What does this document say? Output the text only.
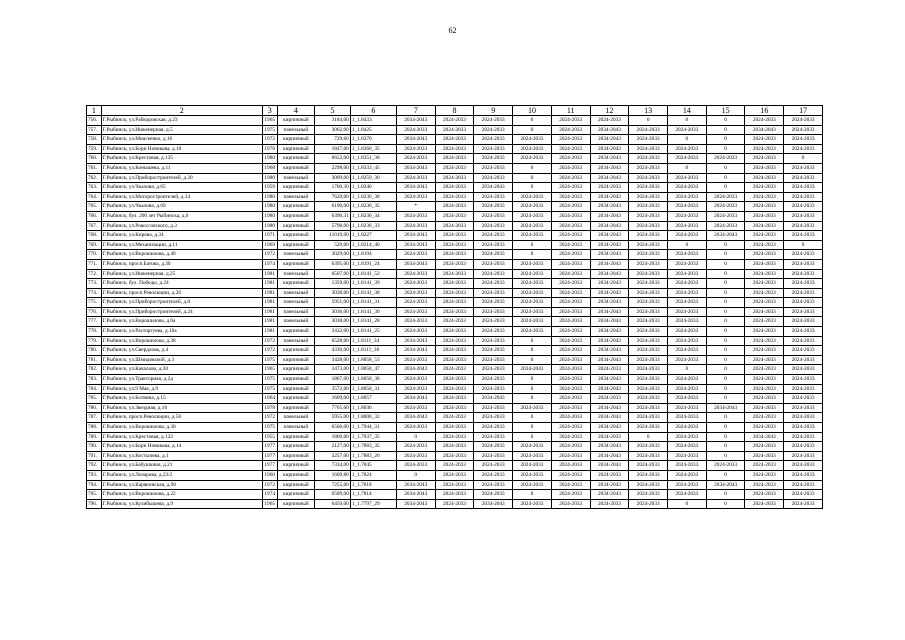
62
1	2	3	4	5	6	7	8	9	10	11	12	13	14	15	16	17
756.	Г.Рыбинск, ул.Рабкоровская, д.23	1965	кирпичный	3184,00	1_1.8433	2034-2043	2024-2033	2024-2033	0	2024-2033	2024-2033	0	0	0	2024-2033	2024-2033
757.	Г.Рыбинск, ул.Инженерная, д.5	1975	панельный	3062,00	1_1.8425	2024-2033	2024-2033	2024-2033	0	2024-2033	2034-2043	2024-2033	2024-2033	0	2034-2043	2024-2033
758.	Г.Рыбинск, ул.Моисеенко, д.16	1972	кирпичный	729,60	1_1.8370	2034-2043	2024-2033	2024-2033	2024-2033	2024-2033	2034-2043	2024-2033	0	0	2024-2033	2024-2033
759.	Г.Рыбинск, ул.Бори Новикова, д.10	1976	кирпичный	1847,00	1_1.8366_35	2024-2033	2024-2033	2024-2033	2024-2033	2024-2033	2034-2043	2024-2033	2024-2033	0	2024-2033	2024-2033
760.	Г.Рыбинск, ул.Крестовая, д.135	1980	кирпичный	6652,00	1_1.8351_38	2024-2033	2024-2033	2024-2033	2024-2033	2024-2033	2034-2043	2024-2033	2024-2033	2024-2033	2024-2033	0
761.	Г.Рыбинск, ул.Конышева, д.11	1968	кирпичный	2298,00	1_1.8333_45	2034-2043	2024-2033	2024-2033	0	2024-2033	2034-2043	2024-2033	0	0	2024-2033	2024-2033
762.	Г.Рыбинск, ул.Приборостроителей, д.20	1980	панельный	3009,00	1_1.8259_30	2024-2033	2024-2033	2024-2033	0	2024-2033	2034-2043	2024-2033	2024-2033	0	2024-2033	2024-2033
763.	Г.Рыбинск, ул.Чкалова, д.65	1959	кирпичный	1760,30	1_1.8240	2034-2043	2024-2033	2034-2043	0	2024-2033	2024-2033	2024-2033	2024-2033	0	2024-2033	2024-2033
764.	Г.Рыбинск, ул.Моторостроителей, д.14	1980	панельный	7620,00	1_1.8236_38	2024-2033	2024-2033	2024-2033	2024-2033	2024-2033	2034-2043	2024-2033	2024-2033	2024-2033	2024-2033	2024-2033
765.	Г.Рыбинск, ул.Чкалова, д.69	1980	кирпичный	6190,00	1_1.8236_35	*	2024-2033	2024-2033	2024-2033	2024-2033	2034-2043	2024-2033	2024-2033	2024-2033	2024-2033	2024-2033
766.	Г.Рыбинск, бул. 200 лет Рыбинска, д.6	1980	кирпичный	6390,31	1_1.8236_34	2024-2033	2024-2033	2024-2033	2024-2033	2024-2033	2034-2043	2024-2033	2024-2033	2024-2033	2024-2033	2024-2033
767.	Г.Рыбинск, ул.Рокоссовского, д.3	1980	кирпичный	5798,00	1_1.8236_33	2024-2033	2024-2033	2024-2033	2024-2033	2024-2033	2034-2043	2024-2033	2024-2033	2024-2033	2024-2033	2024-2033
768.	Г.Рыбинск, ул.Кирова, д.34	1971	кирпичный	11019,00	1_1.8227	2034-2043	2024-2033	2024-2033	2024-2033	2024-2033	2034-2043	2024-2033	2024-2033	2034-2043	2024-2033	2024-2033
769.	Г.Рыбинск, ул.Механизации, д.11	1969	кирпичный	529,00	1_1.8214_40	2034-2043	2024-2033	2024-2033	0	2024-2033	2034-2043	2024-2033	0	0	2024-2033	0
770.	Г.Рыбинск, ул.Ворошилова, д.40	1972	панельный	3029,00	1_1.8194	2024-2033	2024-2033	2024-2033	0	2024-2033	2034-2043	2024-2033	2024-2033	0	2024-2033	2024-2033
771.	Г.Рыбинск, просп.Батова, д.30	1974	кирпичный	6395,00	1_1.8191_24	2034-2043	2024-2033	2024-2033	2024-2033	2024-2033	2034-2043	2024-2033	2024-2033	0	2024-2033	2024-2033
772.	Г.Рыбинск, ул.Инженерная, д.25	1981	панельный	6507,00	1_1.8141_52	2024-2033	2024-2033	2024-2033	2024-2033	2024-2033	2034-2043	2024-2033	2024-2033	0	2024-2033	2024-2033
773.	Г.Рыбинск, бул. Победы, д.24	1981	кирпичный	1359,00	1_1.8141_39	2024-2033	2024-2033	2024-2033	2024-2033	2024-2033	2034-2043	2024-2033	2024-2033	0	2024-2033	2024-2033
774.	Г.Рыбинск, просп.Революции, д.26	1981	панельный	3038,00	1_1.8141_38	2024-2033	2024-2033	2024-2033	2024-2033	2024-2033	2034-2043	2024-2033	2024-2033	0	2024-2033	2024-2033
775.	Г.Рыбинск, ул.Приборостроителей, д.8	1981	панельный	5951,00	1_1.8141_31	2024-2033	2024-2033	2024-2033	2024-2033	2024-2033	2034-2043	2024-2033	2024-2033	0	2024-2033	2024-2033
776.	Г.Рыбинск, ул.Приборостроителей, д.24	1981	панельный	3036,00	1_1.8141_30	2024-2033	2024-2033	2024-2033	2024-2033	2024-2033	2034-2043	2024-2033	2024-2033	0	2024-2033	2024-2033
777.	Г.Рыбинск, ул.Ворошилова, д.6а	1981	панельный	3038,00	1_1.8141_28	2024-2033	2024-2033	2024-2033	2024-2033	2024-2033	2034-2043	2024-2033	2024-2033	0	2024-2033	2024-2033
778.	Г.Рыбинск, ул.Расторгуева, д.10а	1981	кирпичный	3432,00	1_1.8141_25	2024-2033	2024-2033	2024-2033	2024-2033	2024-2033	2034-2043	2024-2033	2024-2033	0	2024-2033	2024-2033
779.	Г.Рыбинск, ул.Ворошилова, д.38	1972	панельный	6528,00	1_1.8111_34	2034-2043	2024-2033	2024-2033	0	2024-2033	2034-2043	2024-2033	2024-2033	0	2024-2033	2024-2033
780.	Г.Рыбинск, ул.Свердлова, д.4	1972	кирпичный	4330,00	1_1.8111_30	2034-2043	2024-2033	2024-2033	0	2024-2033	2034-2043	2024-2033	2024-2033	0	2024-2033	2024-2033
781.	Г.Рыбинск, ул.Шмидовской, д.3	1975	кирпичный	3428,00	1_1.8058_53	2024-2033	2024-2033	2024-2033	0	2024-2033	2034-2043	2024-2033	2024-2033	0	2024-2033	2024-2033
782.	Г.Рыбинск, ул.Качалова, д.30	1965	кирпичный	3473,00	1_1.8058_47	2034-2043	2024-2033	2024-2033	2034-2043	2024-2033	2024-2033	2024-2033	0	0	2024-2033	2024-2033
783.	Г.Рыбинск, ул.Тракторная, д.2д	1975	кирпичный	1867,00	1_1.8058_38	2024-2033	2024-2033	2024-2033	0	2024-2033	2034-2043	2024-2033	2024-2033	0	2024-2033	2024-2033
784.	Г.Рыбинск, ул.9 Мая, д.9	1975	кирпичный	3572,00	1_1.8058_31	2024-2033	2024-2033	2024-2033	0	2024-2033	2034-2043	2024-2033	2024-2033	0	2024-2033	2024-2033
785.	Г.Рыбинск, ул.Ботвина, д.15	1964	кирпичный	1609,00	1_1.8057	2034-2043	2024-2033	2034-2043	0	2024-2033	2024-2033	2024-2033	2024-2033	0	2024-2033	2024-2033
786.	Г.Рыбинск, ул.Звездная, д.10	1978	кирпичный	7765,60	1_1.8036	2024-2033	2024-2033	2024-2033	2024-2033	2024-2033	2034-2043	2024-2033	2024-2033	2034-2043	2024-2033	2024-2033
787.	Г.Рыбинск, просп.Революции, д.58	1972	панельный	5955,00	1_1.8000_32	2034-2043	2024-2033	2024-2033	0	2024-2033	2034-2043	2024-2033	2024-2033	0	2024-2033	2024-2033
788.	Г.Рыбинск, ул.Ворошилова, д.30	1975	панельный	6566,00	1_1.7944_31	2024-2033	2024-2033	2024-2033	0	2024-2033	2034-2043	2024-2033	2024-2033	0	2024-2033	2024-2033
789.	Г.Рыбинск, ул.Крестовая, д.122	1955	кирпичный	1860,00	1_1.7937_35	0	2024-2033	2024-2033	0	2024-2033	2024-2033	0	2024-2033	0	2034-2043	2024-2033
790.	Г.Рыбинск, ул.Бори Новикова, д.14	1977	кирпичный	2127,00	1_1.7883_35	2024-2033	2024-2033	2024-2033	2024-2033	2024-2033	2034-2043	2024-2033	2024-2033	0	2024-2033	2024-2033
791.	Г.Рыбинск, ул.Костычева, д.1	1977	кирпичный	3257,00	1_1.7883_26	2024-2033	2024-2033	2024-2033	2024-2033	2024-2033	2034-2043	2024-2033	2024-2033	0	2024-2033	2024-2033
792.	Г.Рыбинск, ул.Бабушкина, д.21	1977	кирпичный	7334,00	1_1.7845	2024-2033	2024-2033	2024-2033	2024-2033	2024-2033	2034-2043	2024-2033	2024-2033	2024-2033	2024-2033	2024-2033
793.	Г.Рыбинск, ул.Лизарова, д.23/2	1960	кирпичный	1609,80	1_1.7824	0	2024-2033	2024-2033	2024-2033	2024-2033	2024-2033	2024-2033	2024-2033	0	2024-2033	2024-2033
794.	Г.Рыбинск, ул.Карякинская, д.90	1972	кирпичный	7255,00	1_1.7818	2034-2043	2024-2033	2024-2033	2024-2033	2024-2033	2034-2043	2024-2033	2024-2033	2034-2043	2024-2033	2024-2033
795.	Г.Рыбинск, ул.Ворошилова, д.22	1974	кирпичный	6589,00	1_1.7814	2034-2043	2024-2033	2024-2033	0	2024-2033	2034-2043	2024-2033	2024-2033	0	2024-2033	2024-2033
796.	Г.Рыбинск, ул.Кулибышева, д.9	1965	кирпичный	6450,00	1_1.7797_29	2034-2043	2024-2033	2034-2043	2024-2033	2024-2033	2024-2033	2024-2033	0	0	2024-2033	2024-2033
